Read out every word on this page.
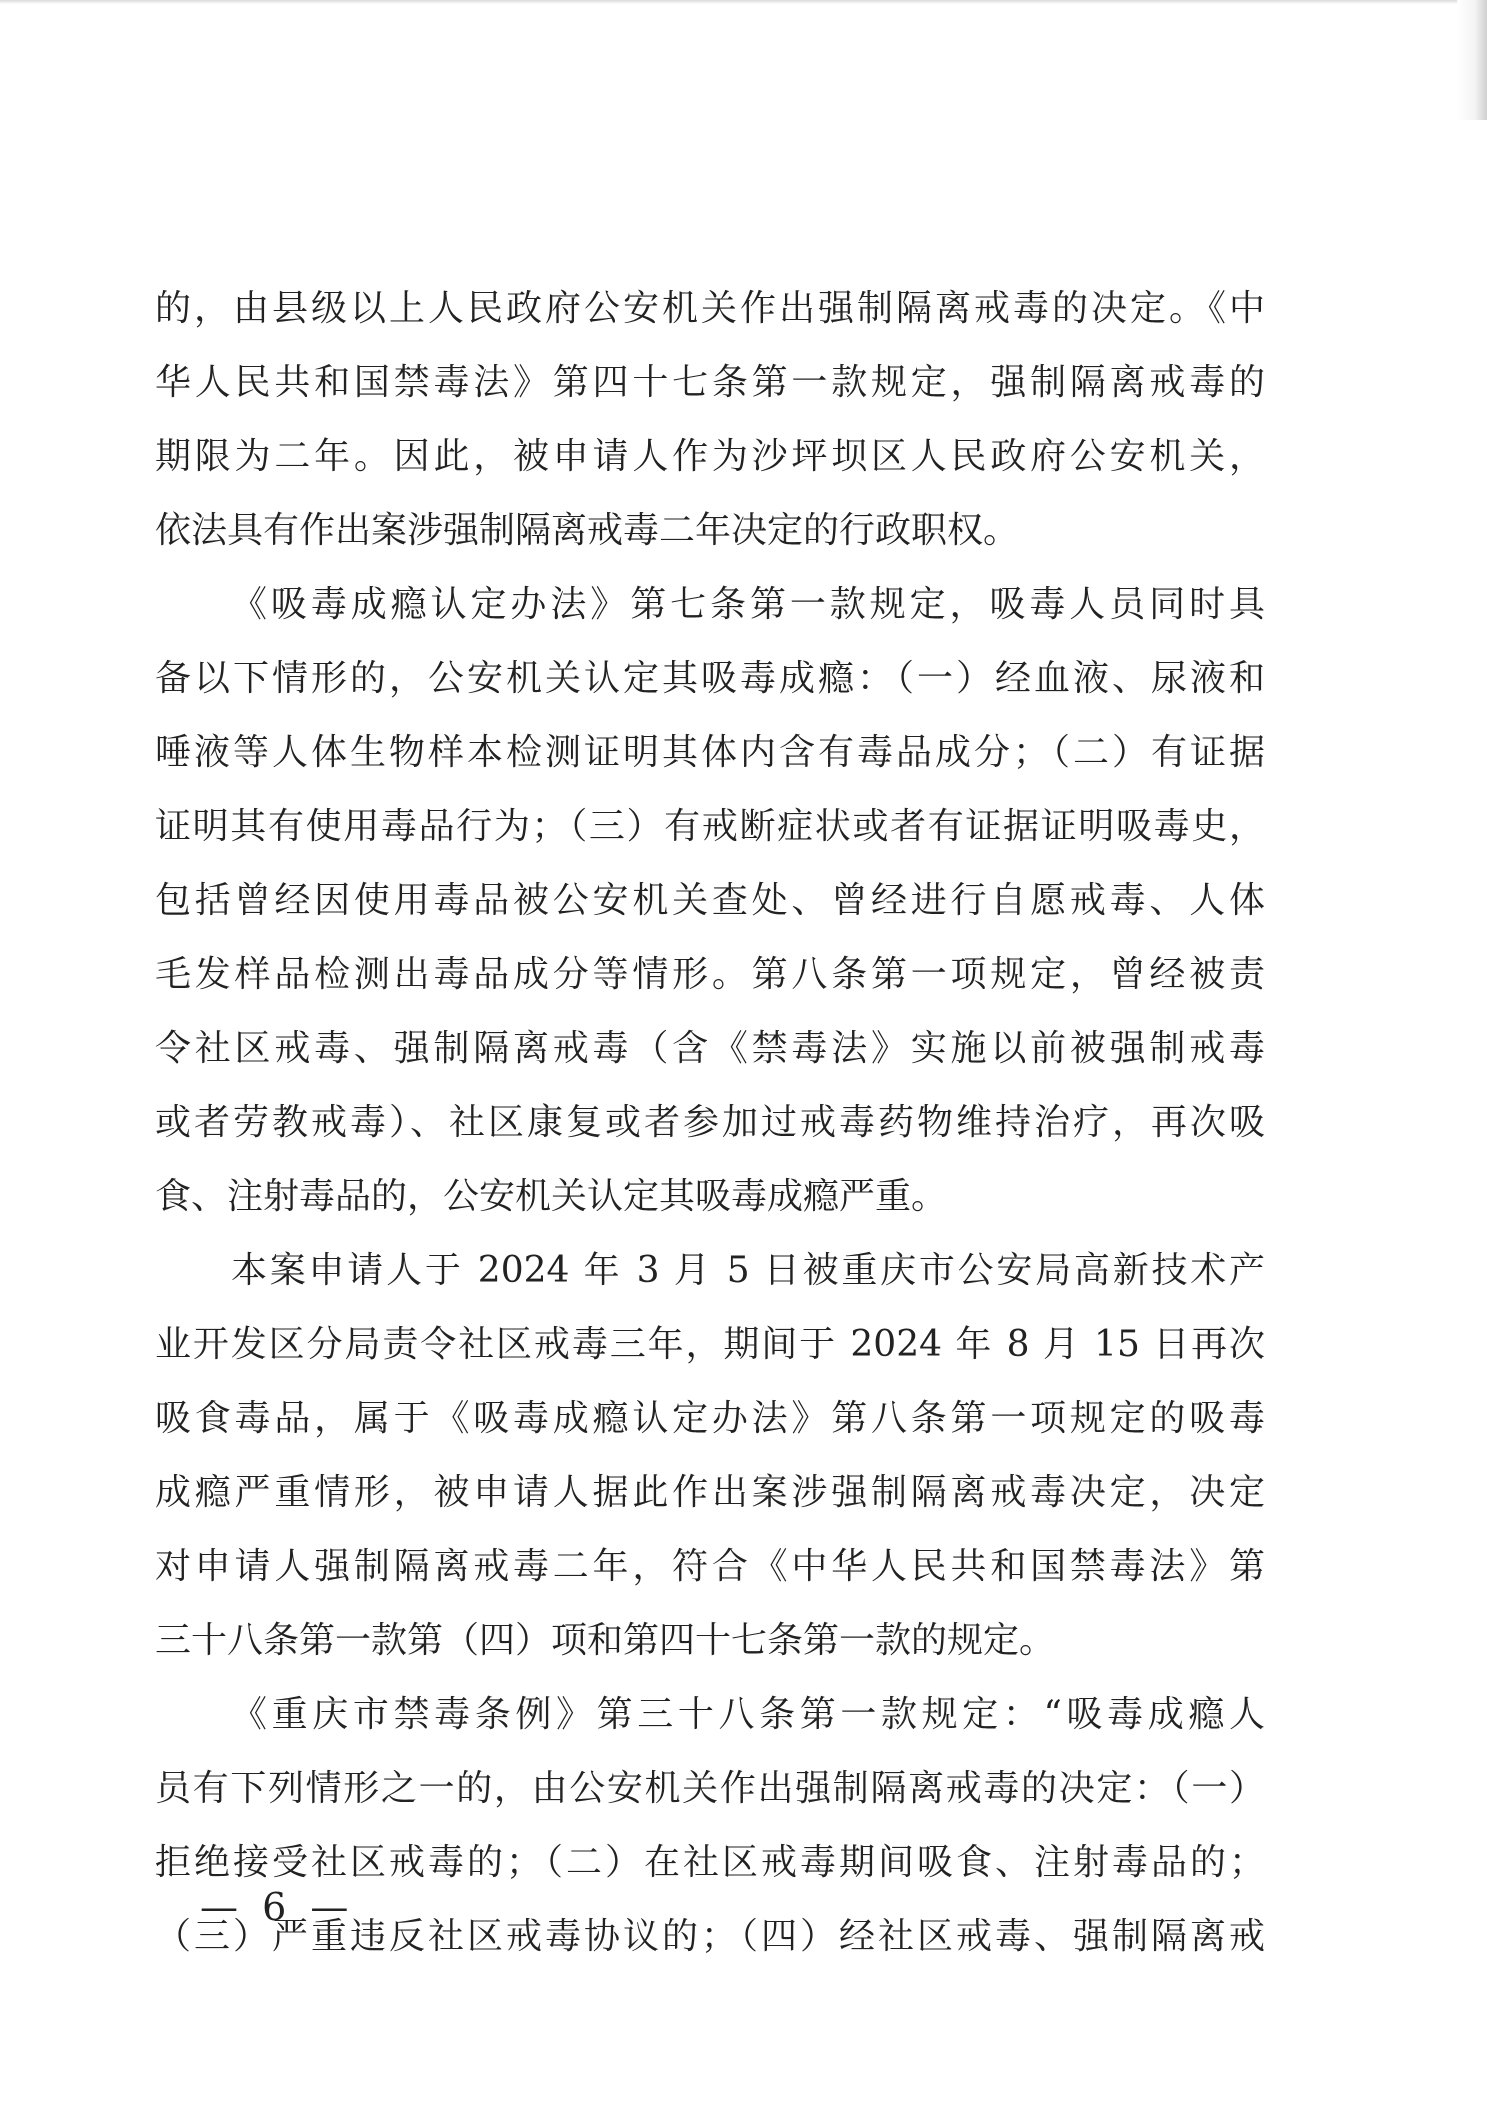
的，由县级以上人民政府公安机关作出强制隔离戒毒的决定。《中
华人民共和国禁毒法》第四十七条第一款规定，强制隔离戒毒的
期限为二年。因此，被申请人作为沙坪坝区人民政府公安机关，
依法具有作出案涉强制隔离戒毒二年决定的行政职权。
《吸毒成瘾认定办法》第七条第一款规定，吸毒人员同时具
备以下情形的，公安机关认定其吸毒成瘾：（一）经血液、尿液和
唾液等人体生物样本检测证明其体内含有毒品成分；（二）有证据
证明其有使用毒品行为；（三）有戒断症状或者有证据证明吸毒史，
包括曾经因使用毒品被公安机关查处、曾经进行自愿戒毒、人体
毛发样品检测出毒品成分等情形。第八条第一项规定，曾经被责
令社区戒毒、强制隔离戒毒（含《禁毒法》实施以前被强制戒毒
或者劳教戒毒）、社区康复或者参加过戒毒药物维持治疗，再次吸
食、注射毒品的，公安机关认定其吸毒成瘾严重。
本案申请人于 2024 年 3 月 5 日被重庆市公安局高新技术产
业开发区分局责令社区戒毒三年，期间于 2024 年 8 月 15 日再次
吸食毒品，属于《吸毒成瘾认定办法》第八条第一项规定的吸毒
成瘾严重情形，被申请人据此作出案涉强制隔离戒毒决定，决定
对申请人强制隔离戒毒二年，符合《中华人民共和国禁毒法》第
三十八条第一款第（四）项和第四十七条第一款的规定。
《重庆市禁毒条例》第三十八条第一款规定：“吸毒成瘾人
员有下列情形之一的，由公安机关作出强制隔离戒毒的决定：（一）
拒绝接受社区戒毒的；（二）在社区戒毒期间吸食、注射毒品的；
（三）严重违反社区戒毒协议的；（四）经社区戒毒、强制隔离戒
— 6 —
